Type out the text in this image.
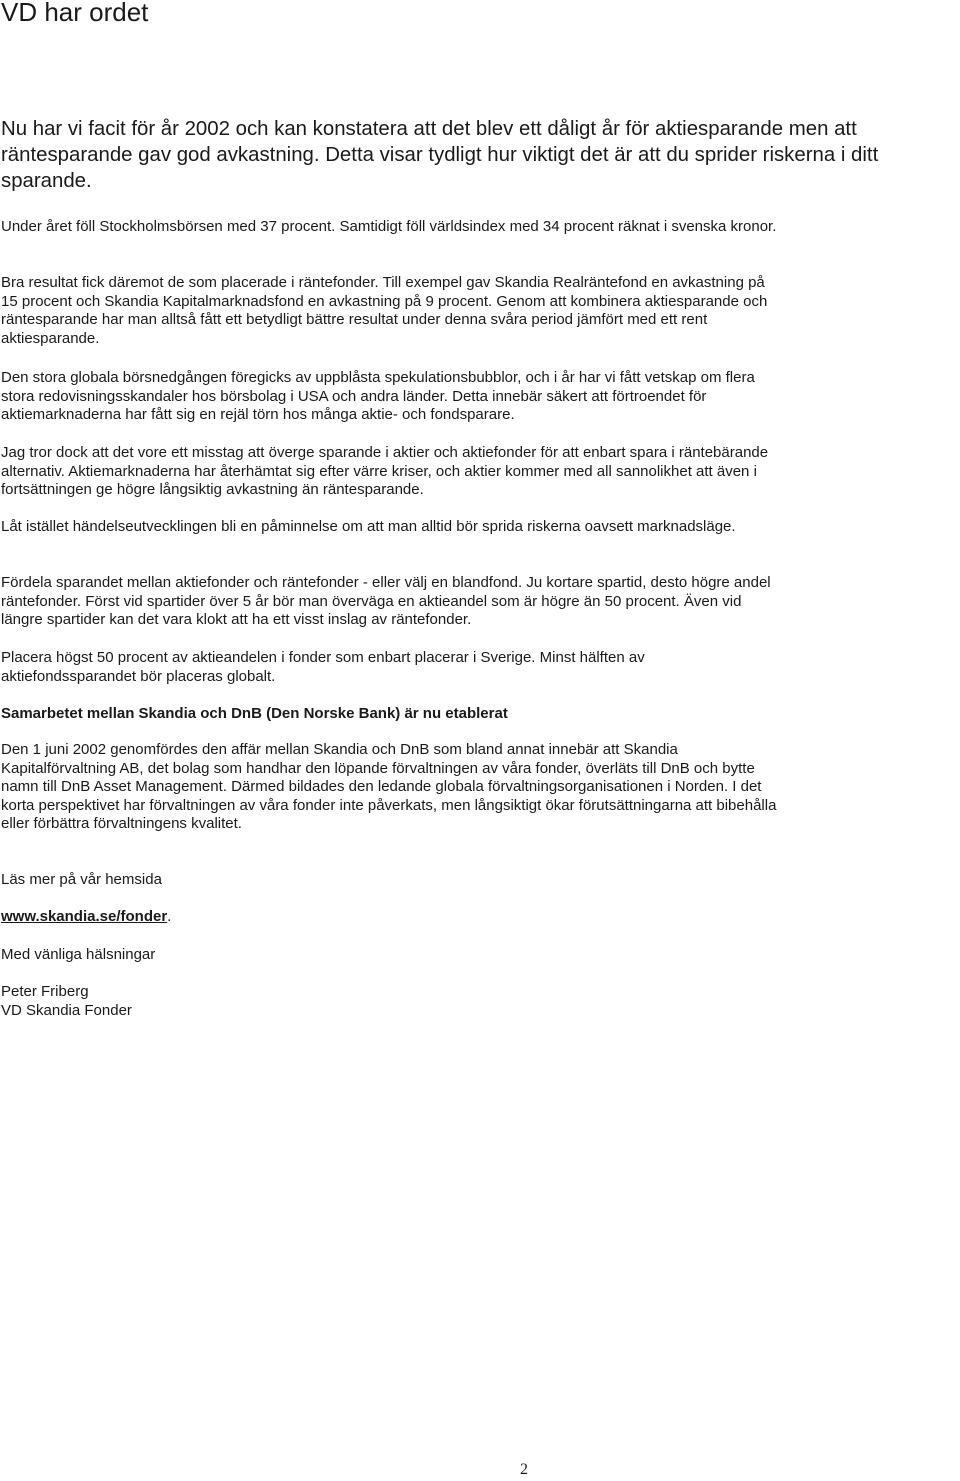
VD har ordet

Nu har vi facit för år 2002 och kan konstatera att det blev ett dåligt år för aktiesparande men att räntesparande gav god avkastning. Detta visar tydligt hur viktigt det är att du sprider riskerna i ditt sparande.

Under året föll Stockholmsbörsen med 37 procent. Samtidigt föll världsindex med 34 procent räknat i svenska kronor.

Bra resultat fick däremot de som placerade i räntefonder. Till exempel gav Skandia Realräntefond en avkastning på 15 procent och Skandia Kapitalmarknadsfond en avkastning på 9 procent. Genom att kombinera aktiesparande och räntesparande har man alltså fått ett betydligt bättre resultat under denna svåra period jämfört med ett rent aktiesparande.

Den stora globala börsnedgången föregicks av uppblåsta spekulationsbubblor, och i år har vi fått vetskap om flera stora redovisningsskandaler hos börsbolag i USA och andra länder. Detta innebär säkert att förtroendet för aktiemarknaderna har fått sig en rejäl törn hos många aktie- och fondsparare.

Jag tror dock att det vore ett misstag att överge sparande i aktier och aktiefonder för att enbart spara i räntebärande alternativ. Aktiemarknaderna har återhämtat sig efter värre kriser, och aktier kommer med all sannolikhet att även i fortsättningen ge högre långsiktig avkastning än räntesparande.

Låt istället händelseutvecklingen bli en påminnelse om att man alltid bör sprida riskerna oavsett marknadsläge.

Fördela sparandet mellan aktiefonder och räntefonder - eller välj en blandfond. Ju kortare spartid, desto högre andel räntefonder. Först vid spartider över 5 år bör man överväga en aktieandel som är högre än 50 procent. Även vid längre spartider kan det vara klokt att ha ett visst inslag av räntefonder.

Placera högst 50 procent av aktieandelen i fonder som enbart placerar i Sverige. Minst hälften av aktiefondssparandet bör placeras globalt.

Samarbetet mellan Skandia och DnB (Den Norske Bank) är nu etablerat

Den 1 juni 2002 genomfördes den affär mellan Skandia och DnB som bland annat innebär att Skandia Kapitalförvaltning AB, det bolag som handhar den löpande förvaltningen av våra fonder, överläts till DnB och bytte namn till DnB Asset Management. Därmed bildades den ledande globala förvaltningsorganisationen i Norden. I det korta perspektivet har förvaltningen av våra fonder inte påverkats, men långsiktigt ökar förutsättningarna att bibehålla eller förbättra förvaltningens kvalitet.

Läs mer på vår hemsida

www.skandia.se/fonder.

Med vänliga hälsningar

Peter Friberg

VD Skandia Fonder

2
